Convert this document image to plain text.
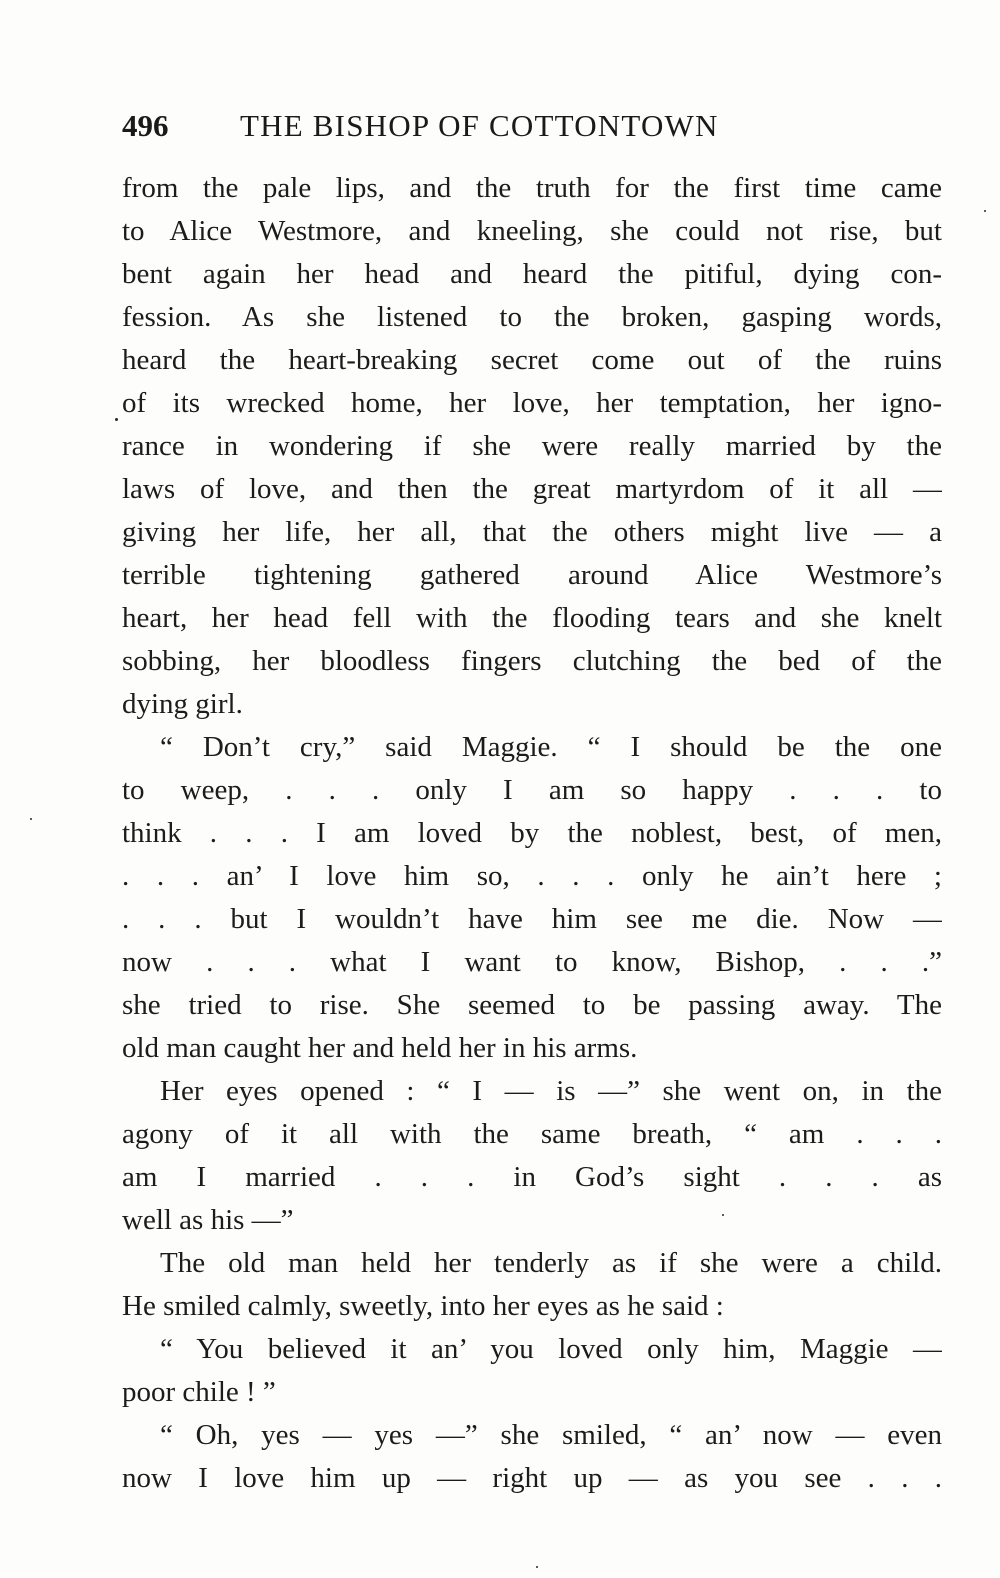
496 THE BISHOP OF COTTONTOWN
from the pale lips, and the truth for the first time came
to Alice Westmore, and kneeling, she could not rise, but
bent again her head and heard the pitiful, dying con-
fession. As she listened to the broken, gasping words,
heard the heart-breaking secret come out of the ruins
of its wrecked home, her love, her temptation, her igno-
rance in wondering if she were really married by the
laws of love, and then the great martyrdom of it all —
giving her life, her all, that the others might live — a
terrible tightening gathered around Alice Westmore’s
heart, her head fell with the flooding tears and she knelt
sobbing, her bloodless fingers clutching the bed of the
dying girl.
“ Don’t cry,” said Maggie. “ I should be the one
to weep, . . . only I am so happy . . . to
think . . . I am loved by the noblest, best, of men,
. . . an’ I love him so, . . . only he ain’t here ;
. . . but I wouldn’t have him see me die. Now —
now . . . what I want to know, Bishop, . . .”
she tried to rise. She seemed to be passing away. The
old man caught her and held her in his arms.
Her eyes opened : “ I — is —” she went on, in the
agony of it all with the same breath, “ am . . .
am I married . . . in God’s sight . . . as
well as his —”
The old man held her tenderly as if she were a child.
He smiled calmly, sweetly, into her eyes as he said :
“ You believed it an’ you loved only him, Maggie —
poor chile ! ”
“ Oh, yes — yes —” she smiled, “ an’ now — even
now I love him up — right up — as you see . . .
